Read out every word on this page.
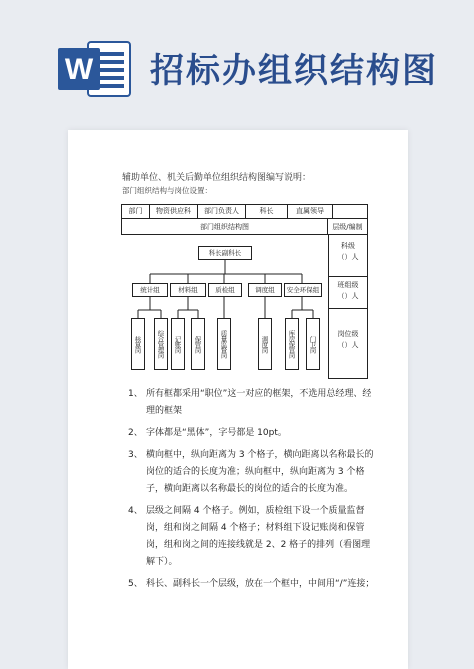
W 招标办组织结构图
辅助单位、机关后勤单位组织结构图编写说明：
部门组织结构与岗位设置：
部门	物资供应科	部门负责人	科长	直属领导
部门组织结构图	层级/编制
科级
（）人
班组级
（）人
岗位级
（）人
科长副科长
统计组	材料组	质检组	调度组	安全环保组
核算岗	综合管理岗	记账岗	保管岗	质量监督岗	调度岗	库房保管岗	门卫岗
1、 所有框都采用“职位”这一对应的框架，不选用总经理、经理的框架
2、 字体都是“黑体”，字号都是 10pt。
3、 横向框中，纵向距离为 3 个格子，横向距离以名称最长的岗位的适合的长度为准；纵向框中，纵向距离为 3 个格子，横向距离以名称最长的岗位的适合的长度为准。
4、 层级之间隔 4 个格子。例如，质检组下设一个质量监督岗，组和岗之间隔 4 个格子；材料组下设记账岗和保管岗，组和岗之间的连接线就是 2、2 格子的排列（看图理解下）。
5、 科长、副科长一个层级，放在一个框中，中间用“/”连接；
